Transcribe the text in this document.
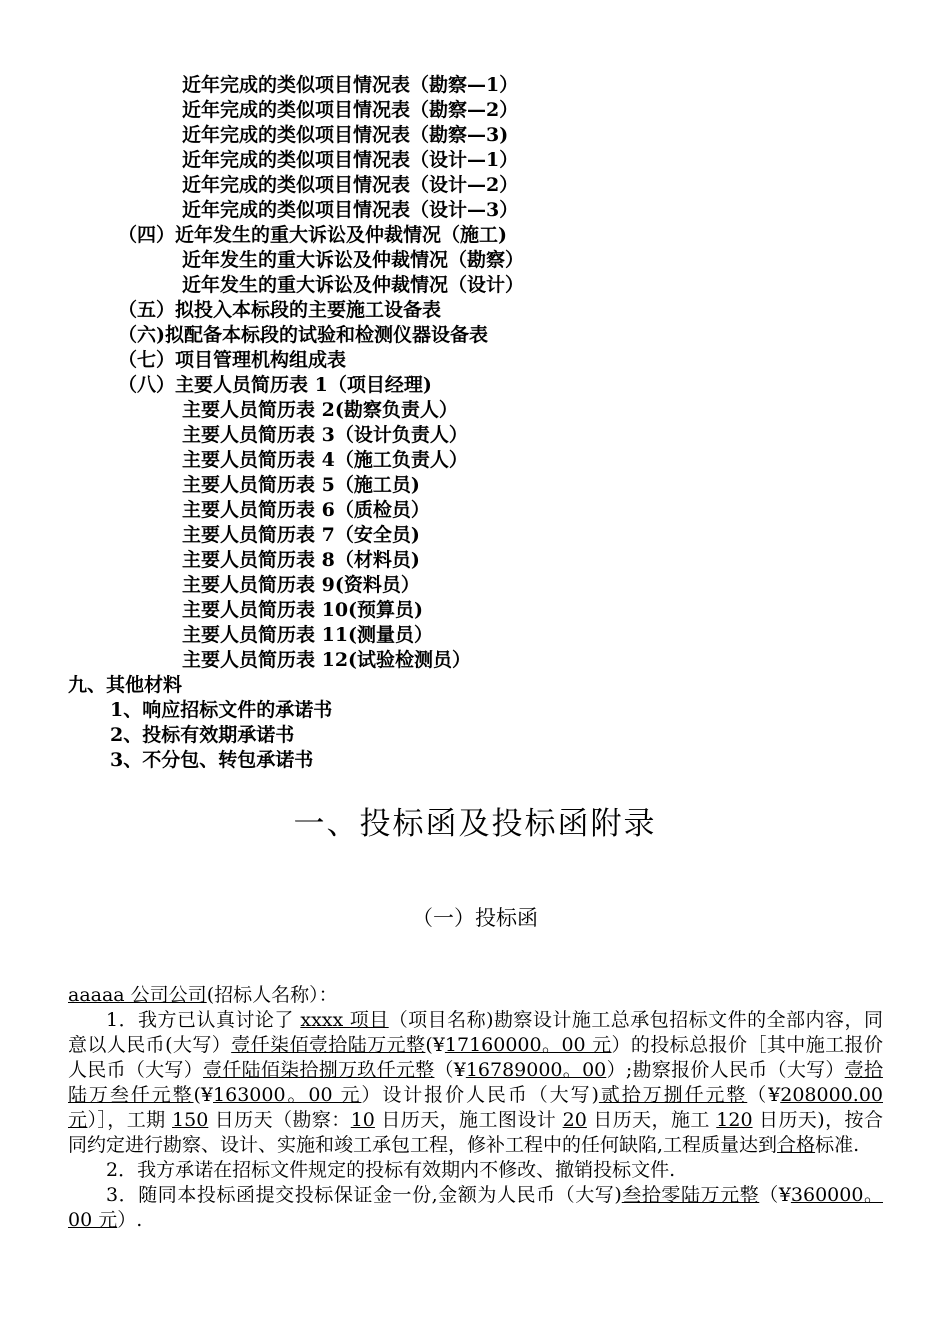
近年完成的类似项目情况表（勘察—1）
近年完成的类似项目情况表（勘察—2）
近年完成的类似项目情况表（勘察—3)
近年完成的类似项目情况表（设计—1）
近年完成的类似项目情况表（设计—2）
近年完成的类似项目情况表（设计—3）
（四）近年发生的重大诉讼及仲裁情况（施工)
近年发生的重大诉讼及仲裁情况（勘察）
近年发生的重大诉讼及仲裁情况（设计）
（五）拟投入本标段的主要施工设备表
（六)拟配备本标段的试验和检测仪器设备表
（七）项目管理机构组成表
（八）主要人员简历表 1（项目经理)
主要人员简历表 2(勘察负责人）
主要人员简历表 3（设计负责人）
主要人员简历表 4（施工负责人）
主要人员简历表 5（施工员)
主要人员简历表 6（质检员）
主要人员简历表 7（安全员)
主要人员简历表 8（材料员)
主要人员简历表 9(资料员）
主要人员简历表 10(预算员)
主要人员简历表 11(测量员）
主要人员简历表 12(试验检测员）
九、其他材料
1、响应招标文件的承诺书
2、投标有效期承诺书
3、不分包、转包承诺书
一、投标函及投标函附录
（一）投标函

aaaaa 公司公司(招标人名称）：

1．我方已认真讨论了 xxxx 项目（项目名称)勘察设计施工总承包招标文件的全部内容，同意以人民币(大写）壹仟柒佰壹拾陆万元整(¥17160000。00 元）的投标总报价［其中施工报价人民币（大写）壹仟陆佰柒拾捌万玖仟元整（¥16789000。00）;勘察报价人民币（大写）壹拾陆万叁仟元整(¥163000。00 元）设计报价人民币（大写)贰拾万捌仟元整（¥208000.00 元）］，工期 150 日历天（勘察：10 日历天，施工图设计 20 日历天，施工 120 日历天)，按合同约定进行勘察、设计、实施和竣工承包工程，修补工程中的任何缺陷,工程质量达到合格标准.

2．我方承诺在招标文件规定的投标有效期内不修改、撤销投标文件.

3．随同本投标函提交投标保证金一份,金额为人民币（大写)叁拾零陆万元整（¥360000。00 元）.
